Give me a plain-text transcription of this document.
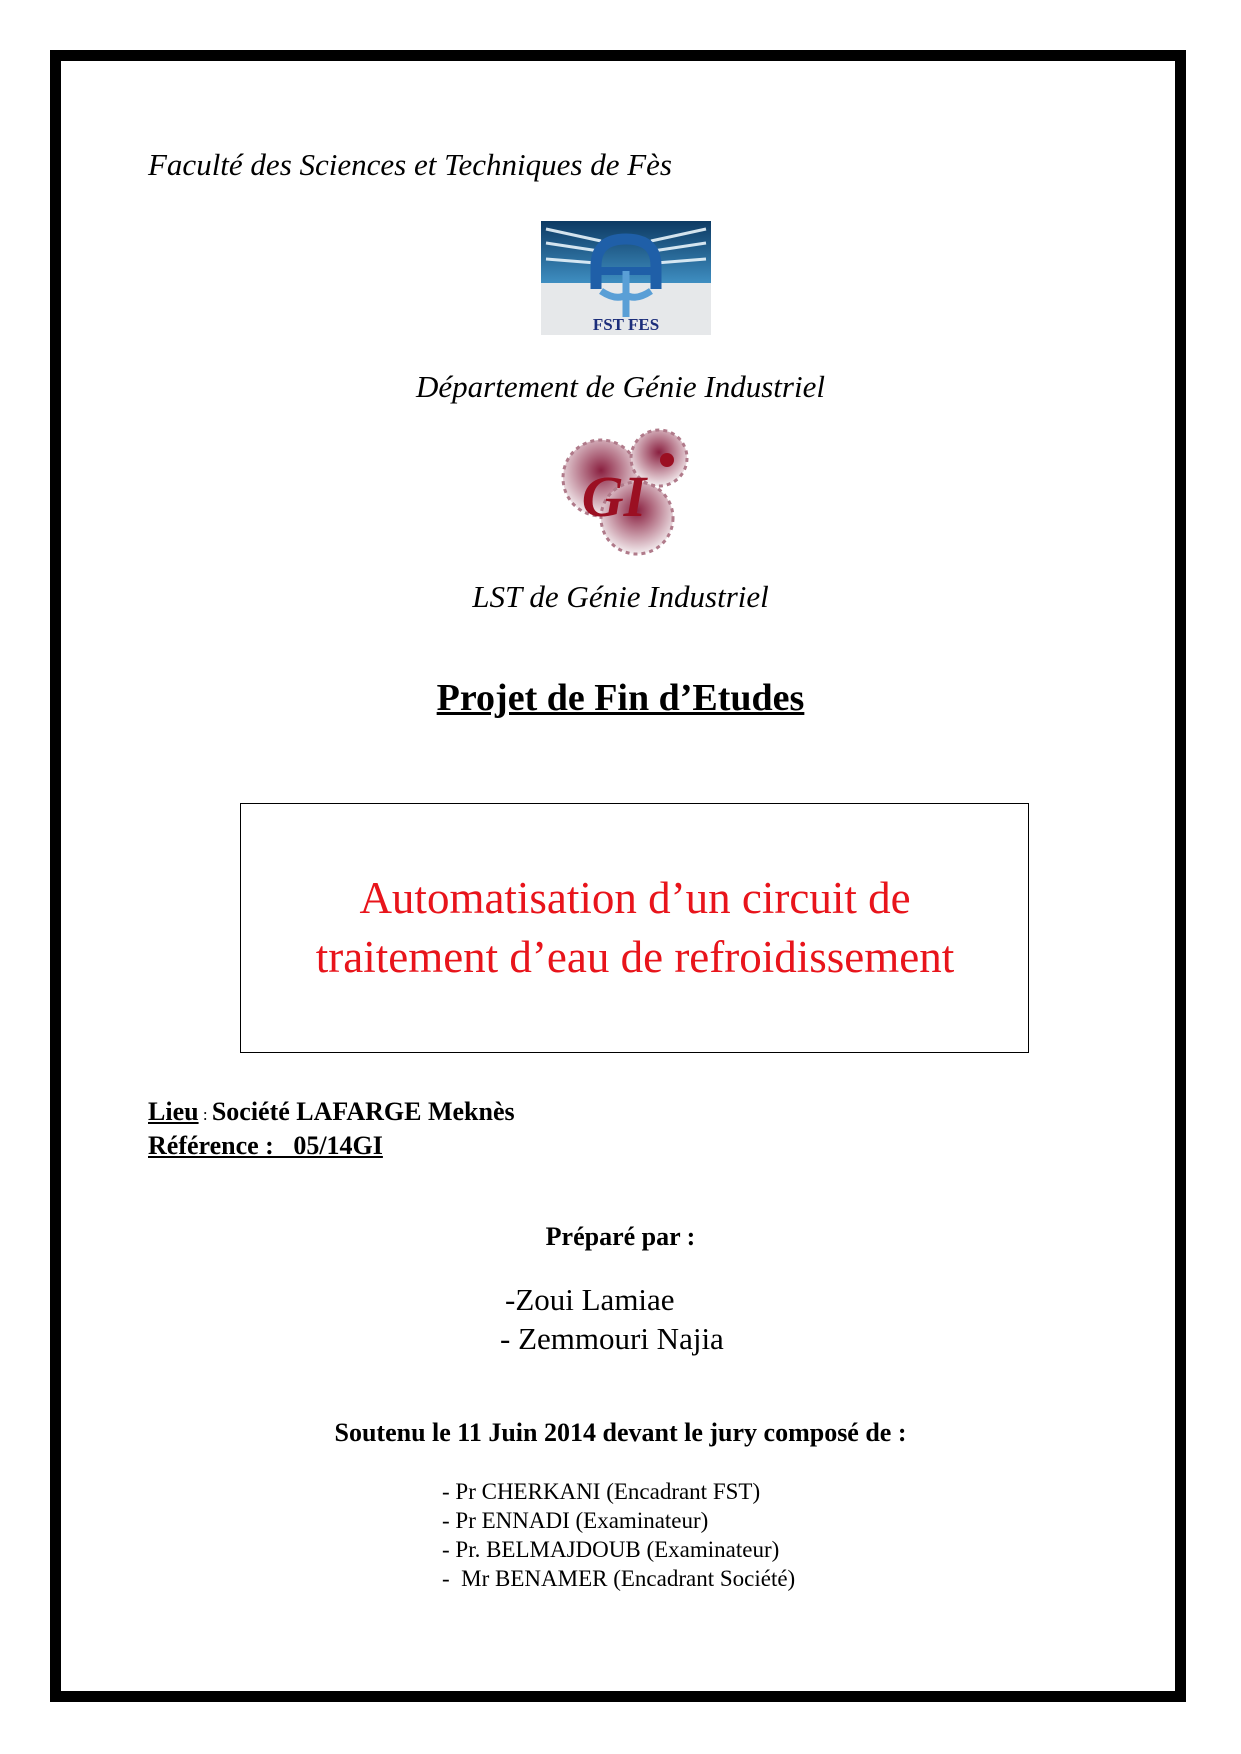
Faculté des Sciences et Techniques de Fès
FST FES
Département de Génie Industriel
GI
LST de Génie Industriel
Projet de Fin d’Etudes
Automatisation d’un circuit de
traitement d’eau de refroidissement
Lieu : Société LAFARGE Meknès
Référence :   05/14GI
Préparé par :
-Zoui Lamiae
- Zemmouri Najia
Soutenu le 11 Juin 2014 devant le jury composé de :
- Pr CHERKANI (Encadrant FST)
- Pr ENNADI (Examinateur)
- Pr. BELMAJDOUB (Examinateur)
-  Mr BENAMER (Encadrant Société)
